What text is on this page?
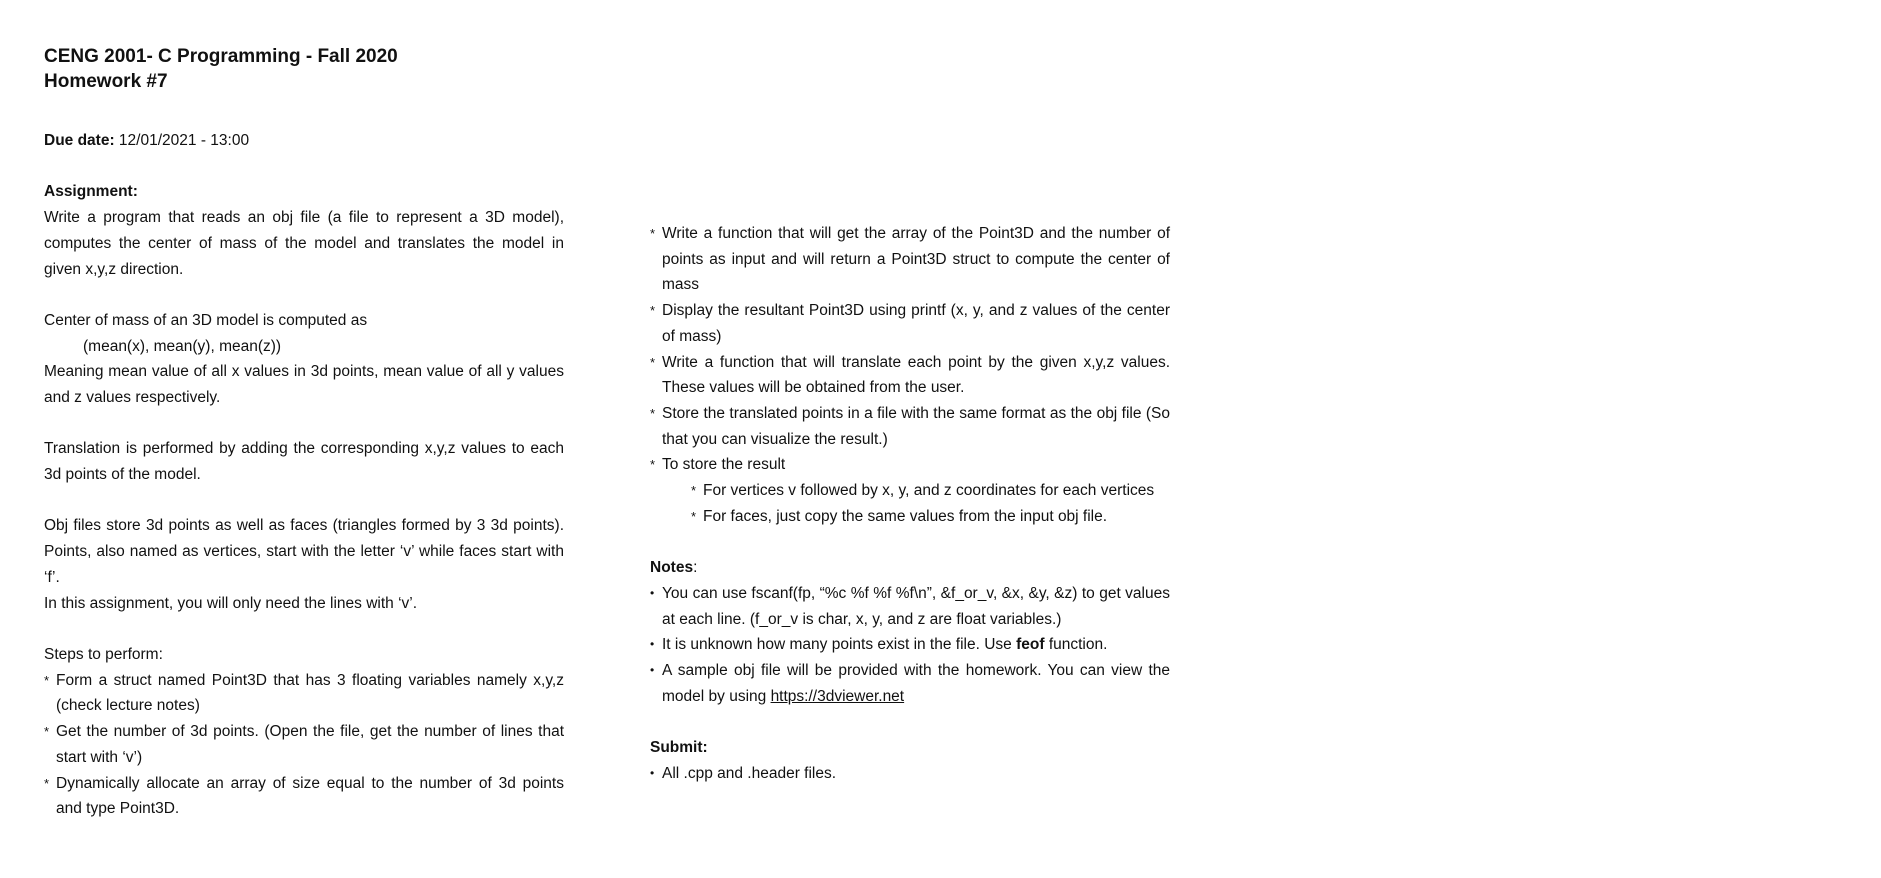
CENG 2001- C Programming - Fall 2020
Homework #7

Due date: 12/01/2021 - 13:00

Assignment:

Write a program that reads an obj file (a file to represent a 3D model), computes the center of mass of the model and translates the model in given x,y,z direction.

Center of mass of an 3D model is computed as

(mean(x), mean(y), mean(z))

Meaning mean value of all x values in 3d points, mean value of all y values and z values respectively.

Translation is performed by adding the corresponding x,y,z values to each 3d points of the model.

Obj files store 3d points as well as faces (triangles formed by 3 3d points). Points, also named as vertices, start with the letter ‘v’ while faces start with ‘f’.

In this assignment, you will only need the lines with ‘v’.

Steps to perform:

* Form a struct named Point3D that has 3 floating variables namely x,y,z (check lecture notes)
* Get the number of 3d points. (Open the file, get the number of lines that start with ‘v’)
* Dynamically allocate an array of size equal to the number of 3d points and type Point3D.
* Write a function that will get the array of the Point3D and the number of points as input and will return a Point3D struct to compute the center of mass
* Display the resultant Point3D using printf (x, y, and z values of the center of mass)
* Write a function that will translate each point by the given x,y,z values. These values will be obtained from the user.
* Store the translated points in a file with the same format as the obj file (So that you can visualize the result.)
* To store the result
* For vertices v followed by x, y, and z coordinates for each vertices
* For faces, just copy the same values from the input obj file.

Notes:

• You can use fscanf(fp, “%c %f %f %f\n”, &f_or_v, &x, &y, &z) to get values at each line. (f_or_v is char, x, y, and z are float variables.)
• It is unknown how many points exist in the file. Use feof function.
• A sample obj file will be provided with the homework. You can view the model by using https://3dviewer.net

Submit:

• All .cpp and .header files.
